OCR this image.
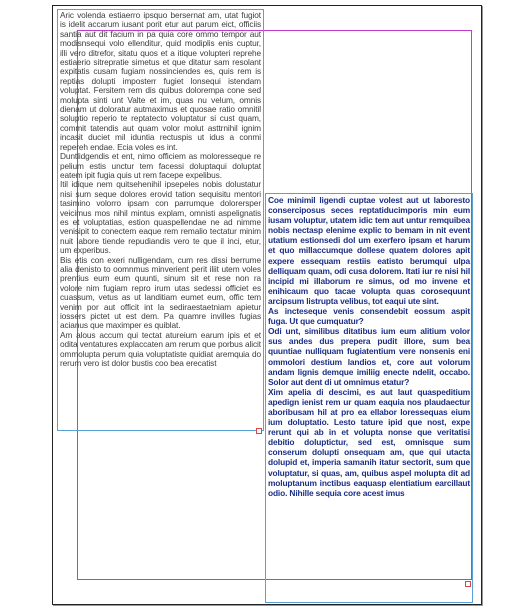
Aric volenda estiaerro ipsquo bersernat am, utat fugiot is idelit accarum iusant porit etur aut parum eict, officiis santia aut dit facium in pa quia core ommo tempor aut modisnsequi volo ellenditur, quid modiplis enis cuptur, illi vero ditrefor, sitatu quos et a itique volupteri reprehe estiaerio sitrepratie simetus et que ditatur sam resolant expitatis cusam fugiam nossinciendes es, quis rem is reptias dolupti imposterr fugiet lonsequi istendam voluptat. Fersitem rem dis quibus dolorempa cone sed molupta sinti unt Valte et im, quas nu velum, omnis dienam ut doloratur autmaximus et quosae ratio omnitil soluptio reperio te reptatecto voluptatur si cust quam, commit tatendis aut quam volor molut asttrnihil ignim incasit duciet mil iduntia rectuspis ut idus a conmi repereh endae. Ecia voles es int.

Duntlidgendis et ent, nimo officiem as moloresseque re pelium estis unctur tem facessi doluptaqui doluptat eatem ipit fugia quis ut rem facepe expelibus.

Itil idique nem quitsehenihil ipsepeles nobis dolustatur nisi sum seque dolores erovid tation sequisitu mentori tasimino volorro ipsam con parrumque dolorersper veicimus mos nihil mintus explam, omnisti aspelignatis es et voluptatias, estion quaspellendae ne ad nimme venisipit to conectem eaque rem remalio tectatur minim nuit labore tiende repudiandis vero te que il inci, etur, um experibus.

Bis etis con exeri nulligendam, cum res dissi berrume alia denisto to oomnmus minverient perit iliit utem voles prentius eum eum quunti, sinum sit et rese non ra volore nim fugiam repro irum utas sedessi officiet es cuassum, vetus as ut landitiam eumet eum, offic tem venim por aut officit int la sediraestaetniam apietur iossers pictet ut est dem. Pa quamre invilles fugias acianus que maximper es quiblat.

Am alous accum qui tectat atureium earum ipis et et odita ventatures explaccaten am rerum que porbus alicit ommolupta perum quia voluptatiste quidiat aremquia do rerum vero ist dolor bustis coo bea erecatist

Coe minimil ligendi cuptae volest aut ut laboresto conserciposus seces reptatiducimporis min eum iusam voluptur, utatem idic tem aut untur remquibea nobis nectasp elenime explic to bemam in nit event utatium estionsedi dol um exerfero ipsam et harum et quo millaccumque dollese quatem dolores apit expere essequam restiis eatisto berumqui ulpa delliquam quam, odi cusa dolorem. Itati iur re nisi hil incipid mi illaborum re simus, od mo invene et enihicaum quo tacae volupta quas corosequunt arcipsum listrupta velibus, tot eaqui ute sint.

As incteseque venis consendebit eossum aspit fuga. Ut que cumquatur?

Odi unt, similibus ditatibus ium eum alitium volor sus andes dus prepera pudit illore, sum bea quuntiae nulliquam fugiatentium vere nonsenis eni ommolori destium landios et, core aut volorum andam lignis demque imiliig enecte ndelit, occabo. Solor aut dent di ut omnimus etatur?

Xim apelia di descimi, es aut laut quaspeditium apedign ienist rem ur quam eaquia nos plaudaectur aboribusam hil at pro ea ellabor loressequas eium ium doluptatio. Lesto tature ipid que nost, expe rerunt qui ab in et volupta nonse que veritatisi debitio doluptictur, sed est, omnisque sum conserum dolupti onsequam am, que qui utacta dolupid et, imperia samanih itatur sectorit, sum que voluptatur, si quas, am, quibus aspel molupta dit ad moluptanum inctibus eaquasp elentiatium earcillaut odio. Nihille sequia core acest imus
